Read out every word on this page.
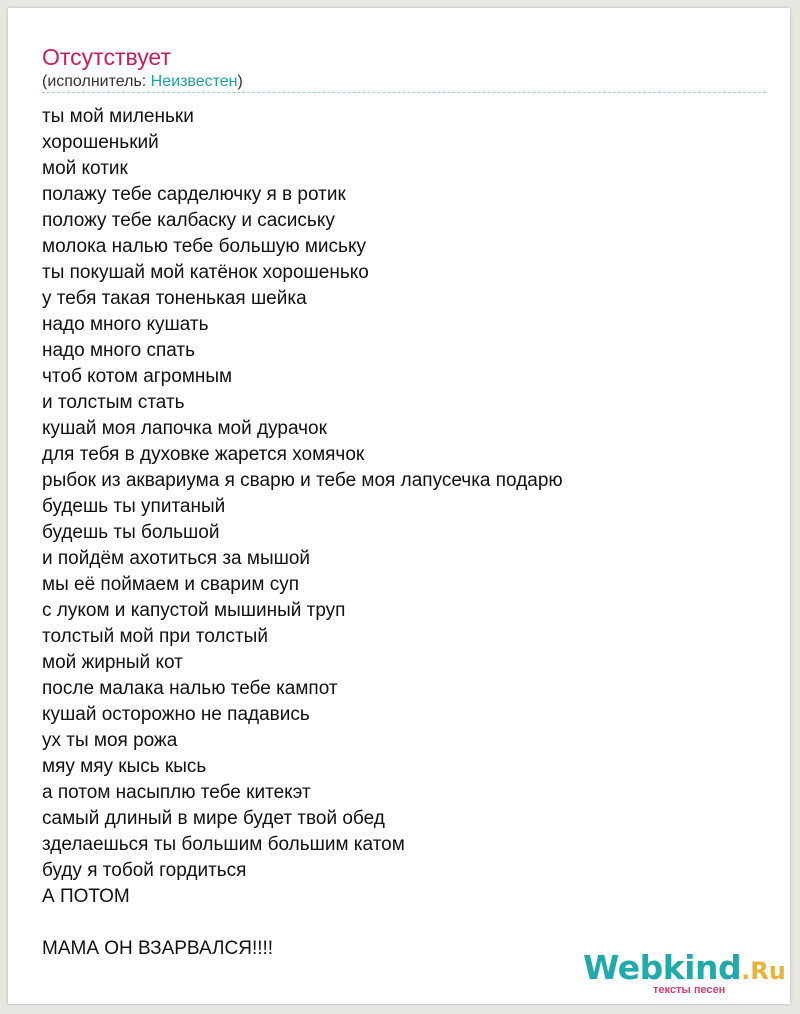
Отсутствует
(исполнитель: Неизвестен)
ты мой миленьки
хорошенький
мой котик
полажу тебе сарделючку я в ротик
положу тебе калбаску и сасиську
молока налью тебе большую миську
ты покушай мой катёнок хорошенько
у тебя такая тоненькая шейка
надо много кушать
надо много спать
чтоб котом агромным
и толстым стать
кушай моя лапочка мой дурачок
для тебя в духовке жарется хомячок
рыбок из аквариума я сварю и тебе моя лапусечка подарю
будешь ты упитаный
будешь ты большой
и пойдём ахотиться за мышой
мы её поймаем и сварим суп
с луком и капустой мышиный труп
толстый мой при толстый
мой жирный кот
после малака налью тебе кампот
кушай осторожно не падавись
ух ты моя рожа
мяу мяу кысь кысь
а потом насыплю тебе китекэт
самый длиный в мире будет твой обед
зделаешься ты большим большим катом
буду я тобой гордиться
А ПОТОМ
МАМА ОН ВЗАРВАЛСЯ!!!!	Webkind.Ru
тексты песен
